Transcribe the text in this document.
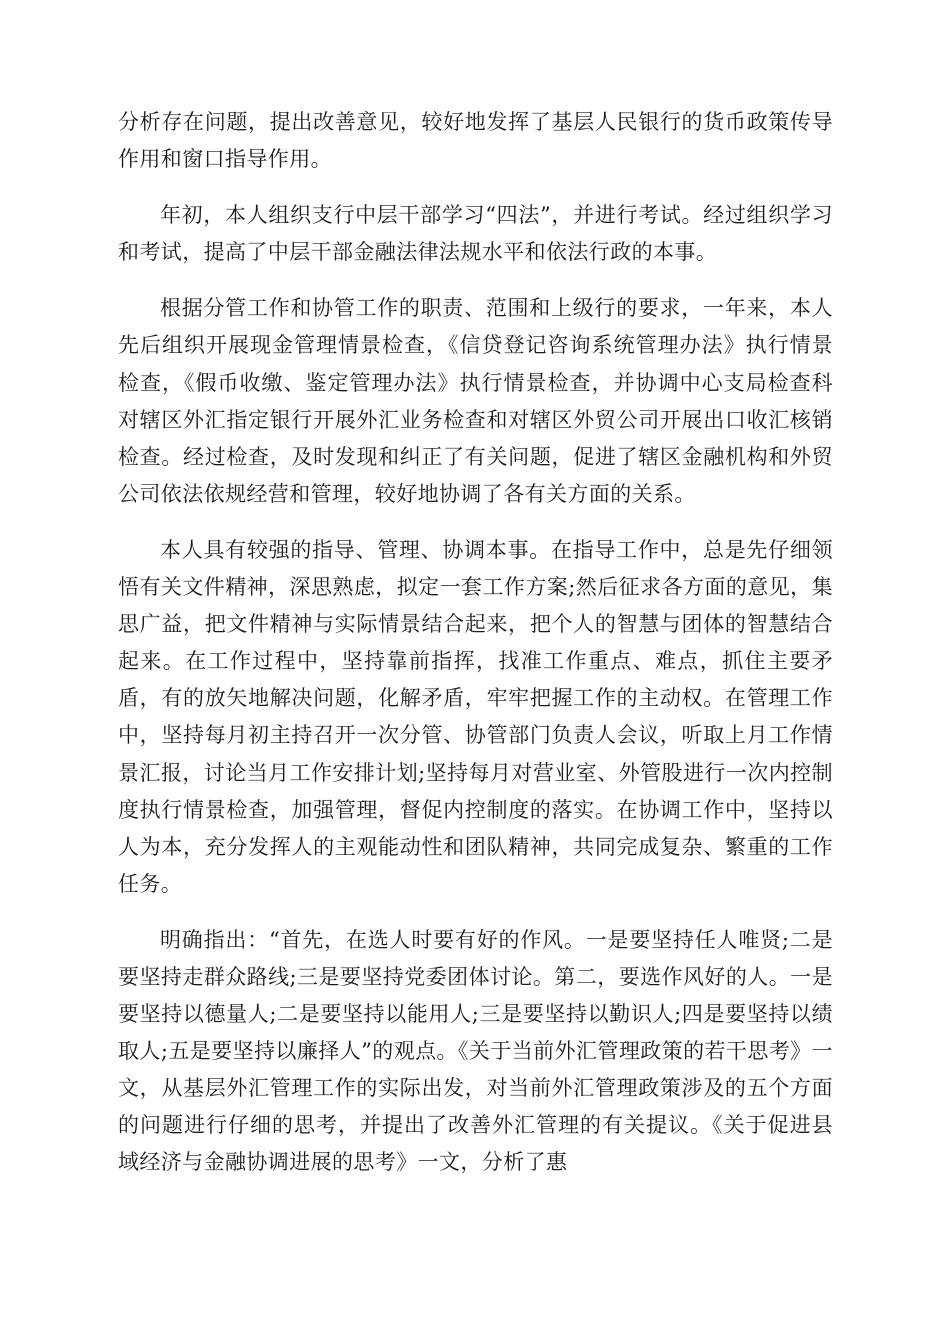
分析存在问题，提出改善意见，较好地发挥了基层人民银行的货币政策传导作用和窗口指导作用。

年初，本人组织支行中层干部学习“四法”，并进行考试。经过组织学习和考试，提高了中层干部金融法律法规水平和依法行政的本事。

根据分管工作和协管工作的职责、范围和上级行的要求，一年来，本人先后组织开展现金管理情景检查，《信贷登记咨询系统管理办法》执行情景检查，《假币收缴、鉴定管理办法》执行情景检查，并协调中心支局检查科对辖区外汇指定银行开展外汇业务检查和对辖区外贸公司开展出口收汇核销检查。经过检查，及时发现和纠正了有关问题，促进了辖区金融机构和外贸公司依法依规经营和管理，较好地协调了各有关方面的关系。

本人具有较强的指导、管理、协调本事。在指导工作中，总是先仔细领悟有关文件精神，深思熟虑，拟定一套工作方案;然后征求各方面的意见，集思广益，把文件精神与实际情景结合起来，把个人的智慧与团体的智慧结合起来。在工作过程中，坚持靠前指挥，找准工作重点、难点，抓住主要矛盾，有的放矢地解决问题，化解矛盾，牢牢把握工作的主动权。在管理工作中，坚持每月初主持召开一次分管、协管部门负责人会议，听取上月工作情景汇报，讨论当月工作安排计划;坚持每月对营业室、外管股进行一次内控制度执行情景检查，加强管理，督促内控制度的落实。在协调工作中，坚持以人为本，充分发挥人的主观能动性和团队精神，共同完成复杂、繁重的工作任务。

明确指出：“首先，在选人时要有好的作风。一是要坚持任人唯贤;二是要坚持走群众路线;三是要坚持党委团体讨论。第二，要选作风好的人。一是要坚持以德量人;二是要坚持以能用人;三是要坚持以勤识人;四是要坚持以绩取人;五是要坚持以廉择人”的观点。《关于当前外汇管理政策的若干思考》一文，从基层外汇管理工作的实际出发，对当前外汇管理政策涉及的五个方面的问题进行仔细的思考，并提出了改善外汇管理的有关提议。《关于促进县域经济与金融协调进展的思考》一文，分析了惠
